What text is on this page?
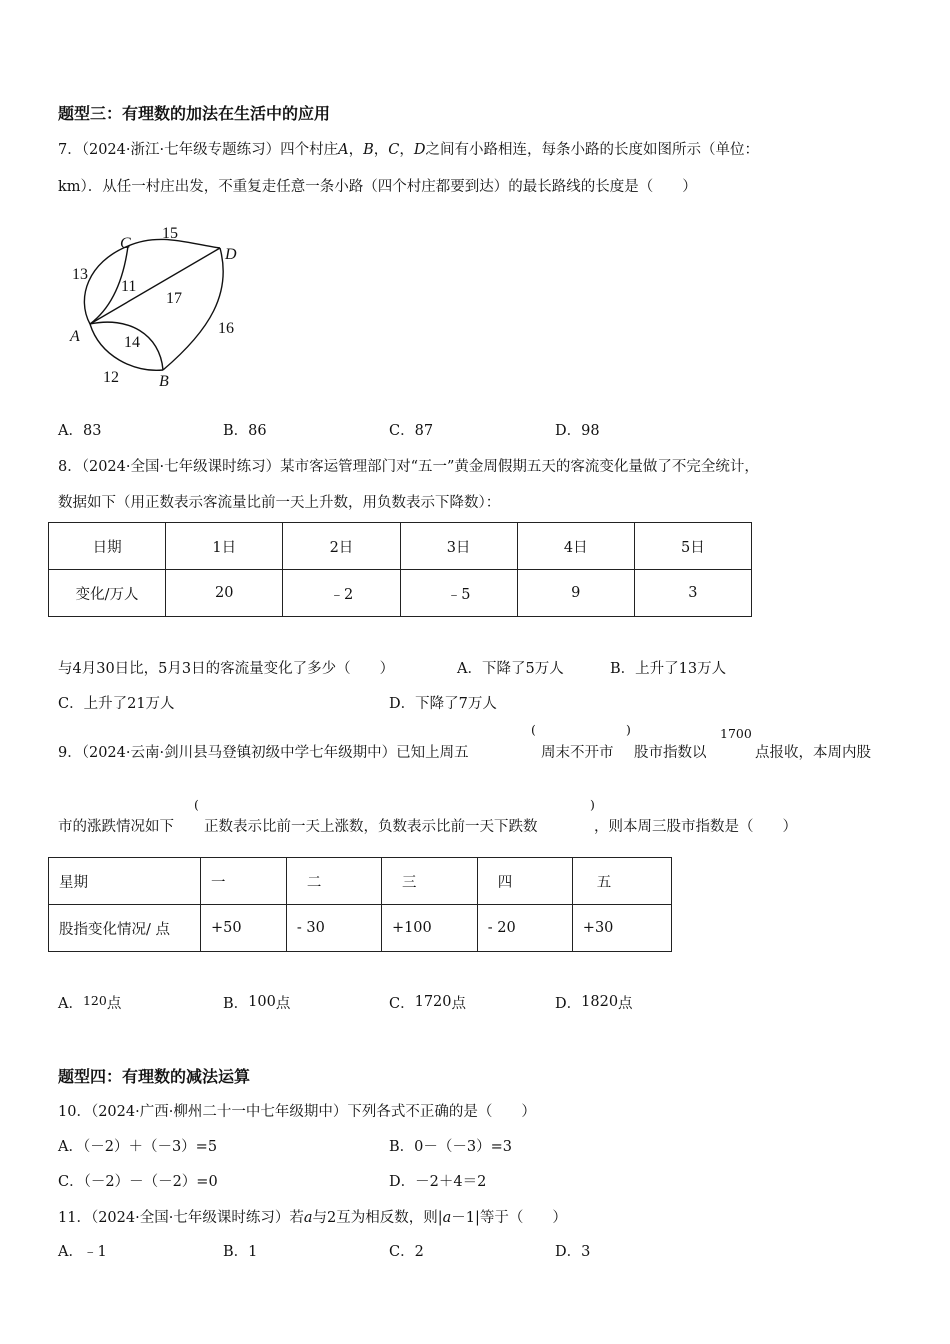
题型三：有理数的加法在生活中的应用
7．（2024·浙江·七年级专题练习）四个村庄A，B，C，D之间有小路相连，每条小路的长度如图所示（单位：
km）．从任一村庄出发，不重复走任意一条小路（四个村庄都要到达）的最长路线的长度是（　　）
C
D
A
B
15
13
11
17
16
14
12
A．83	B．86	C．87	D．98
8．（2024·全国·七年级课时练习）某市客运管理部门对“五一”黄金周假期五天的客流变化量做了不完全统计，
数据如下（用正数表示客流量比前一天上升数，用负数表示下降数）：
日期	1日	2日	3日	4日	5日
变化/万人	20	﹣2	﹣5	9	3
与4月30日比，5月3日的客流量变化了多少（　　）	A．下降了5万人	B．上升了13万人
C．上升了21万人	D．下降了7万人
9．（2024·云南·剑川县马登镇初级中学七年级期中）已知上周五
(
周末不开市
)
股市指数以
1700
点报收，本周内股
市的涨跌情况如下
(
正数表示比前一天上涨数，负数表示比前一天下跌数
)
，则本周三股市指数是（　　）
星期	一	二	三	四	五
股指变化情况/ 点	+50	- 30	+100	- 20	+30
A．120点	B．100点	C．1720点	D．1820点
题型四：有理数的减法运算
10．（2024·广西·柳州二十一中七年级期中）下列各式不正确的是（　　）
A．（－2）＋（－3）=5	B．0－（－3）=3
C．（－2）－（－2）=0	D．－2＋4＝2
11．（2024·全国·七年级课时练习）若a与2互为相反数，则|a－1|等于（　　）
A．﹣1	B．1	C．2	D．3
